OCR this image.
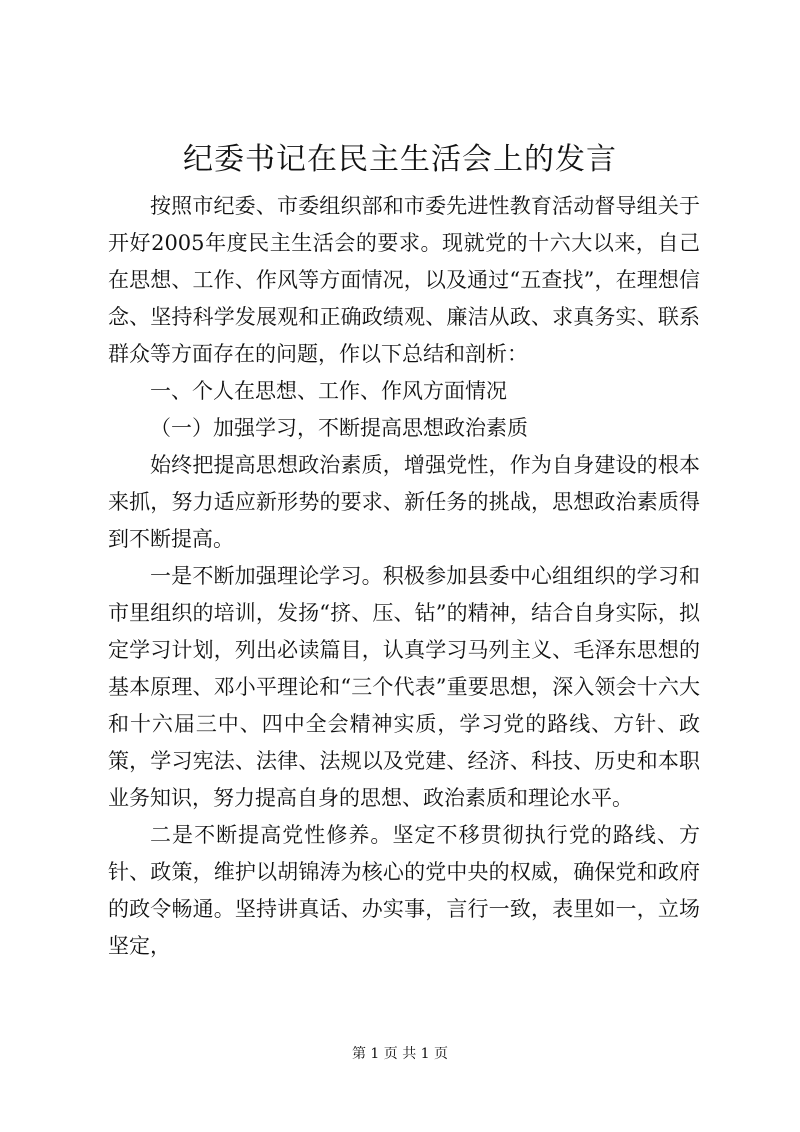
纪委书记在民主生活会上的发言

按照市纪委、市委组织部和市委先进性教育活动督导组关于开好2005年度民主生活会的要求。现就党的十六大以来，自己在思想、工作、作风等方面情况，以及通过“五查找”，在理想信念、坚持科学发展观和正确政绩观、廉洁从政、求真务实、联系群众等方面存在的问题，作以下总结和剖析：

一、个人在思想、工作、作风方面情况

（一）加强学习，不断提高思想政治素质

始终把提高思想政治素质，增强党性，作为自身建设的根本来抓，努力适应新形势的要求、新任务的挑战，思想政治素质得到不断提高。

一是不断加强理论学习。积极参加县委中心组组织的学习和市里组织的培训，发扬“挤、压、钻”的精神，结合自身实际，拟定学习计划，列出必读篇目，认真学习马列主义、毛泽东思想的基本原理、邓小平理论和“三个代表”重要思想，深入领会十六大和十六届三中、四中全会精神实质，学习党的路线、方针、政策，学习宪法、法律、法规以及党建、经济、科技、历史和本职业务知识，努力提高自身的思想、政治素质和理论水平。

二是不断提高党性修养。坚定不移贯彻执行党的路线、方针、政策，维护以胡锦涛为核心的党中央的权威，确保党和政府的政令畅通。坚持讲真话、办实事，言行一致，表里如一，立场坚定，

第 1 页 共 1 页
